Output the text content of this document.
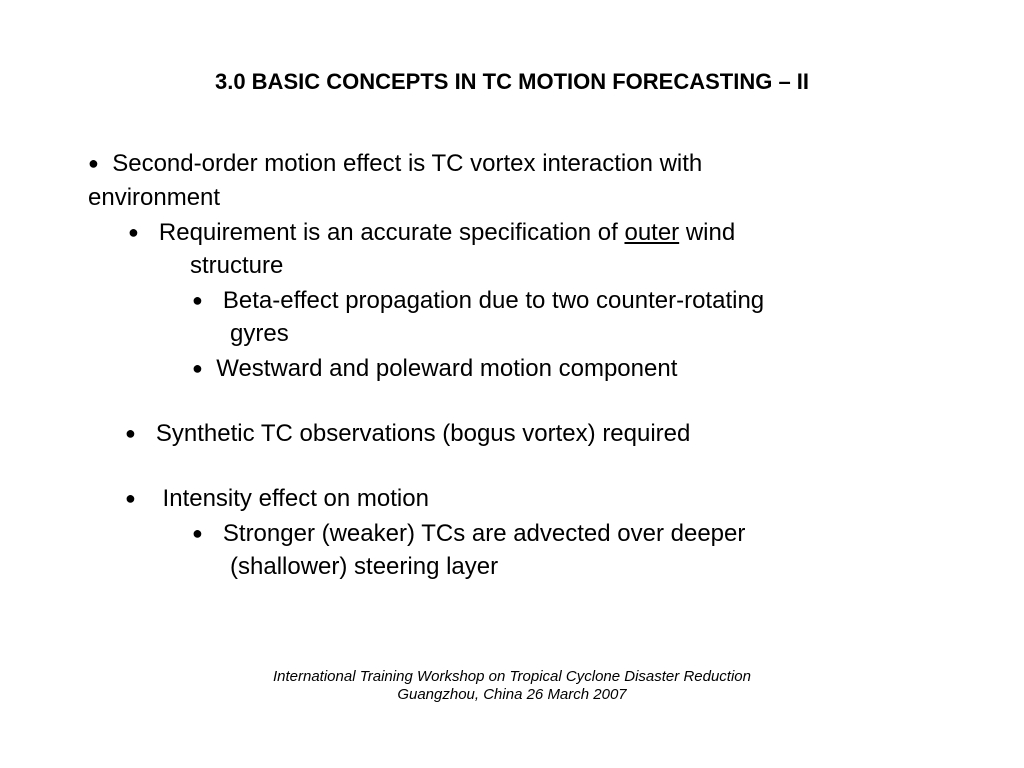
3.0 BASIC CONCEPTS IN TC MOTION FORECASTING – II
● Second-order motion effect is TC vortex interaction with
environment
● Requirement is an accurate specification of outer wind
structure
● Beta-effect propagation due to two counter-rotating
gyres
● Westward and poleward motion component
● Synthetic TC observations (bogus vortex) required
● Intensity effect on motion
● Stronger (weaker) TCs are advected over deeper
(shallower) steering layer
International Training Workshop on Tropical Cyclone Disaster Reduction
Guangzhou, China 26 March 2007
